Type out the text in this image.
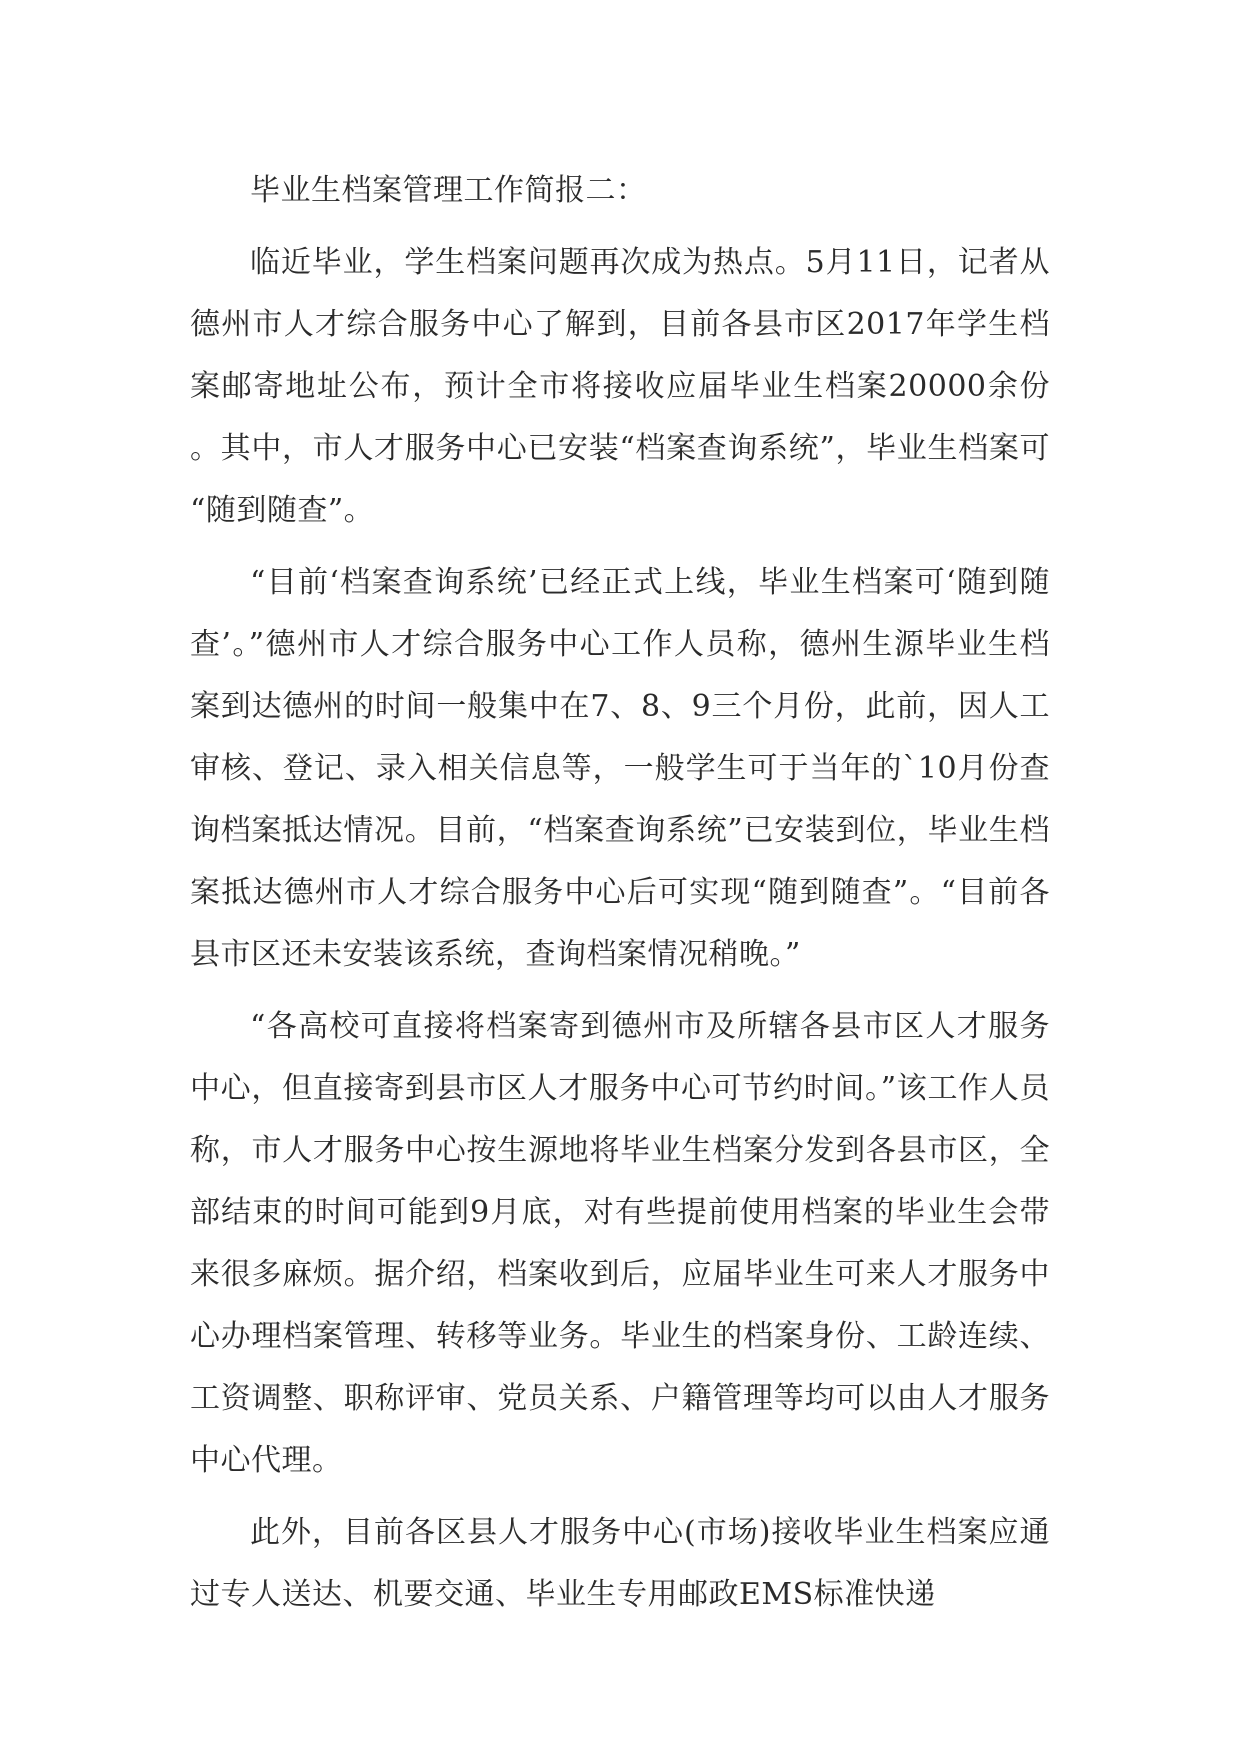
毕业生档案管理工作简报二：

临近毕业，学生档案问题再次成为热点。5月11日，记者从德州市人才综合服务中心了解到，目前各县市区2017年学生档案邮寄地址公布，预计全市将接收应届毕业生档案20000余份。其中，市人才服务中心已安装“档案查询系统”，毕业生档案可“随到随查”。

“目前‘档案查询系统’已经正式上线，毕业生档案可‘随到随查’。”德州市人才综合服务中心工作人员称，德州生源毕业生档案到达德州的时间一般集中在7、8、9三个月份，此前，因人工审核、登记、录入相关信息等，一般学生可于当年的`10月份查询档案抵达情况。目前，“档案查询系统”已安装到位，毕业生档案抵达德州市人才综合服务中心后可实现“随到随查”。“目前各县市区还未安装该系统，查询档案情况稍晚。”

“各高校可直接将档案寄到德州市及所辖各县市区人才服务中心，但直接寄到县市区人才服务中心可节约时间。”该工作人员称，市人才服务中心按生源地将毕业生档案分发到各县市区，全部结束的时间可能到9月底，对有些提前使用档案的毕业生会带来很多麻烦。据介绍，档案收到后，应届毕业生可来人才服务中心办理档案管理、转移等业务。毕业生的档案身份、工龄连续、工资调整、职称评审、党员关系、户籍管理等均可以由人才服务中心代理。

此外，目前各区县人才服务中心(市场)接收毕业生档案应通过专人送达、机要交通、毕业生专用邮政EMS标准快递
